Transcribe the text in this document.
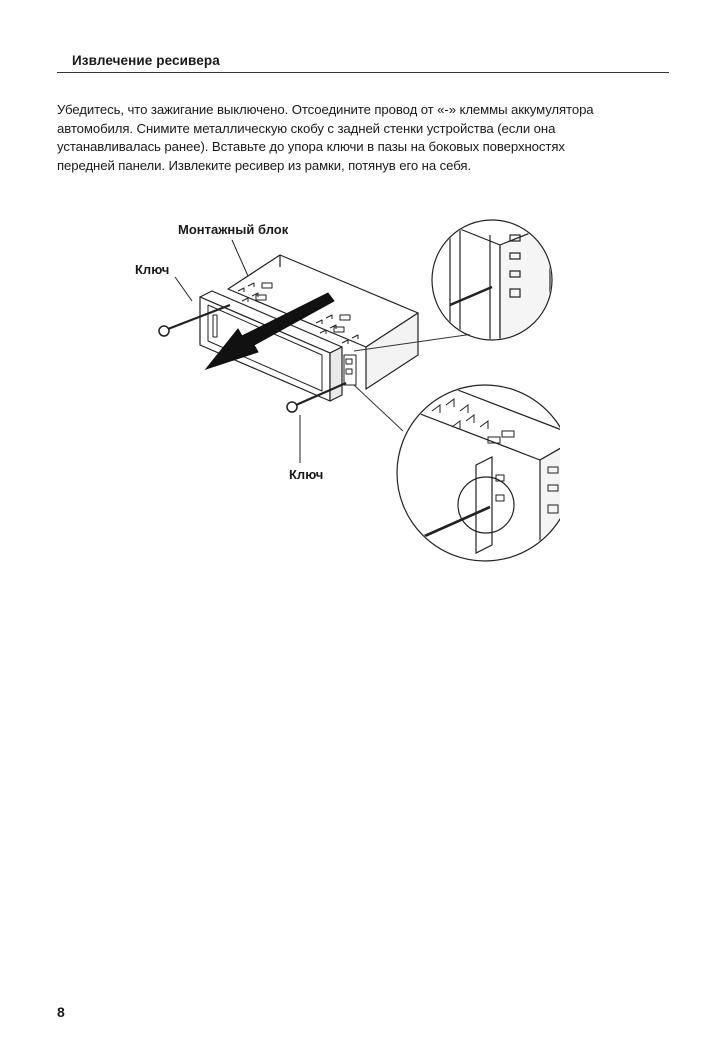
Извлечение ресивера
Убедитесь, что зажигание выключено. Отсоедините провод от «-» клеммы аккумулятора
автомобиля. Снимите металлическую скобу с задней стенки устройства (если она
устанавливалась ранее). Вставьте до упора ключи в пазы на боковых поверхностях
передней панели. Извлеките ресивер из рамки, потянув его на себя.
Монтажный блок
Ключ
Ключ
8
